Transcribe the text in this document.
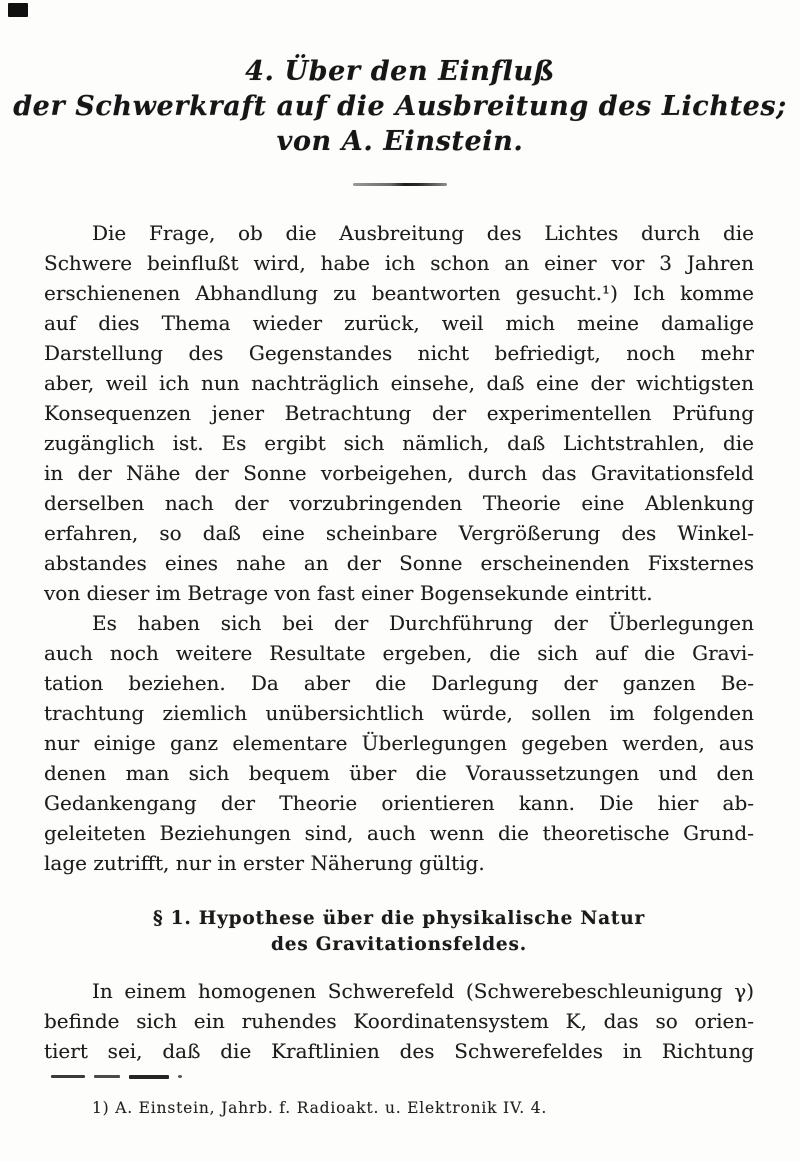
4. Über den Einfluß
der Schwerkraft auf die Ausbreitung des Lichtes;
von A. Einstein.
Die Frage, ob die Ausbreitung des Lichtes durch die
Schwere beinflußt wird, habe ich schon an einer vor 3 Jahren
erschienenen Abhandlung zu beantworten gesucht.¹) Ich komme
auf dies Thema wieder zurück, weil mich meine damalige
Darstellung des Gegenstandes nicht befriedigt, noch mehr
aber, weil ich nun nachträglich einsehe, daß eine der wichtigsten
Konsequenzen jener Betrachtung der experimentellen Prüfung
zugänglich ist. Es ergibt sich nämlich, daß Lichtstrahlen, die
in der Nähe der Sonne vorbeigehen, durch das Gravitationsfeld
derselben nach der vorzubringenden Theorie eine Ablenkung
erfahren, so daß eine scheinbare Vergrößerung des Winkel-
abstandes eines nahe an der Sonne erscheinenden Fixsternes
von dieser im Betrage von fast einer Bogensekunde eintritt.
Es haben sich bei der Durchführung der Überlegungen
auch noch weitere Resultate ergeben, die sich auf die Gravi-
tation beziehen. Da aber die Darlegung der ganzen Be-
trachtung ziemlich unübersichtlich würde, sollen im folgenden
nur einige ganz elementare Überlegungen gegeben werden, aus
denen man sich bequem über die Voraussetzungen und den
Gedankengang der Theorie orientieren kann. Die hier ab-
geleiteten Beziehungen sind, auch wenn die theoretische Grund-
lage zutrifft, nur in erster Näherung gültig.
§ 1. Hypothese über die physikalische Natur
des Gravitationsfeldes.
In einem homogenen Schwerefeld (Schwerebeschleunigung γ)
befinde sich ein ruhendes Koordinatensystem K, das so orien-
tiert sei, daß die Kraftlinien des Schwerefeldes in Richtung
1) A. Einstein, Jahrb. f. Radioakt. u. Elektronik IV. 4.
